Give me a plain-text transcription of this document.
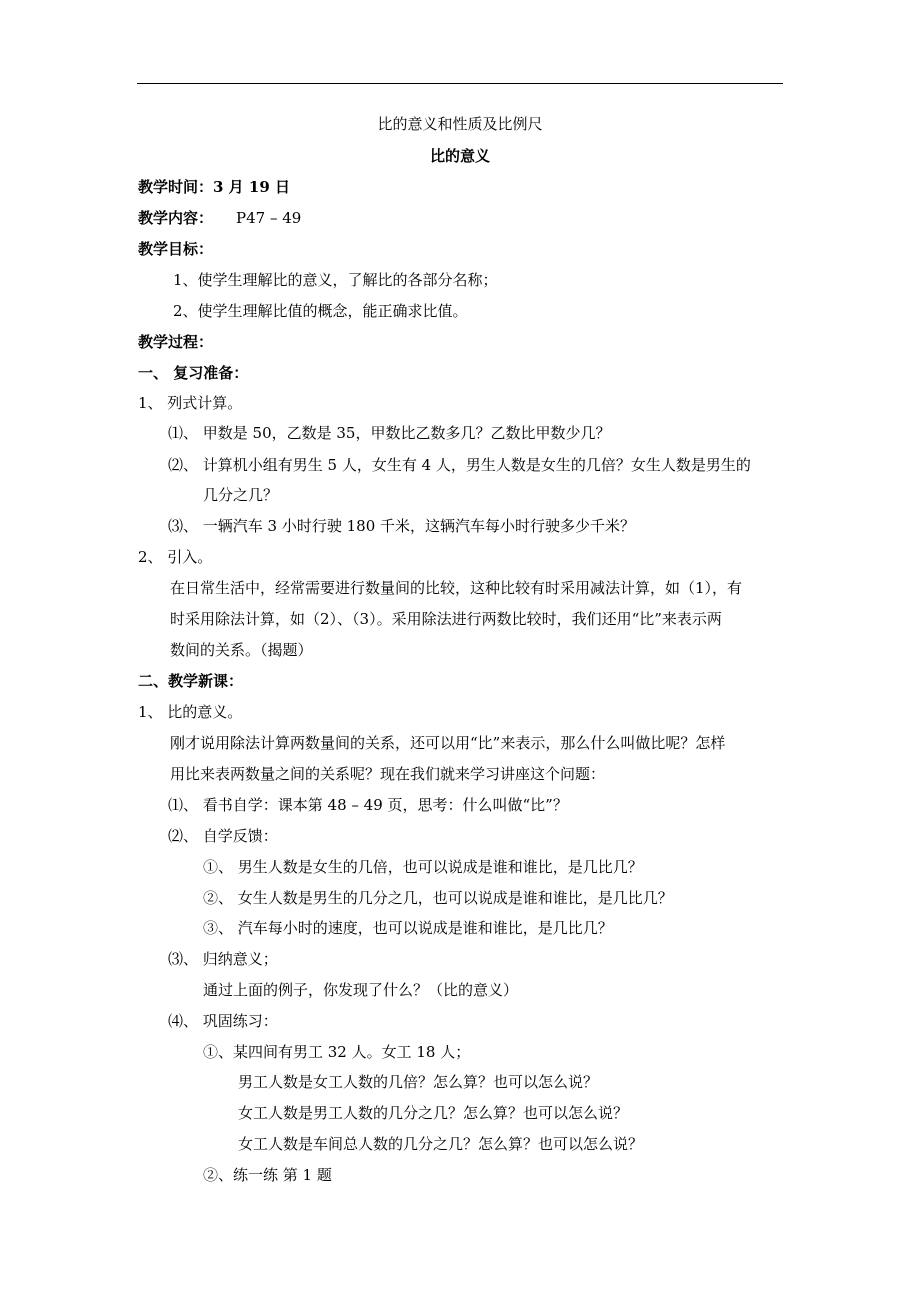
比的意义和性质及比例尺
比的意义
教学时间：3 月 19 日
教学内容： P47 – 49
教学目标：
1、使学生理解比的意义，了解比的各部分名称；
2、使学生理解比值的概念，能正确求比值。
教学过程：
一、 复习准备：
1、 列式计算。
⑴、 甲数是 50，乙数是 35，甲数比乙数多几？乙数比甲数少几？
⑵、 计算机小组有男生 5 人，女生有 4 人，男生人数是女生的几倍？女生人数是男生的
几分之几？
⑶、 一辆汽车 3 小时行驶 180 千米，这辆汽车每小时行驶多少千米？
2、 引入。
在日常生活中，经常需要进行数量间的比较，这种比较有时采用减法计算，如（1），有
时采用除法计算，如（2）、（3）。采用除法进行两数比较时，我们还用“比”来表示两
数间的关系。（揭题）
二、教学新课：
1、 比的意义。
刚才说用除法计算两数量间的关系，还可以用“比”来表示，那么什么叫做比呢？怎样
用比来表两数量之间的关系呢？现在我们就来学习讲座这个问题：
⑴、 看书自学：课本第 48 – 49 页，思考：什么叫做“比”？
⑵、 自学反馈：
①、 男生人数是女生的几倍，也可以说成是谁和谁比，是几比几？
②、 女生人数是男生的几分之几，也可以说成是谁和谁比，是几比几？
③、 汽车每小时的速度，也可以说成是谁和谁比，是几比几？
⑶、 归纳意义；
通过上面的例子，你发现了什么？（比的意义）
⑷、 巩固练习：
①、某四间有男工 32 人。女工 18 人；
男工人数是女工人数的几倍？怎么算？也可以怎么说？
女工人数是男工人数的几分之几？怎么算？也可以怎么说？
女工人数是车间总人数的几分之几？怎么算？也可以怎么说？
②、练一练 第 1 题
